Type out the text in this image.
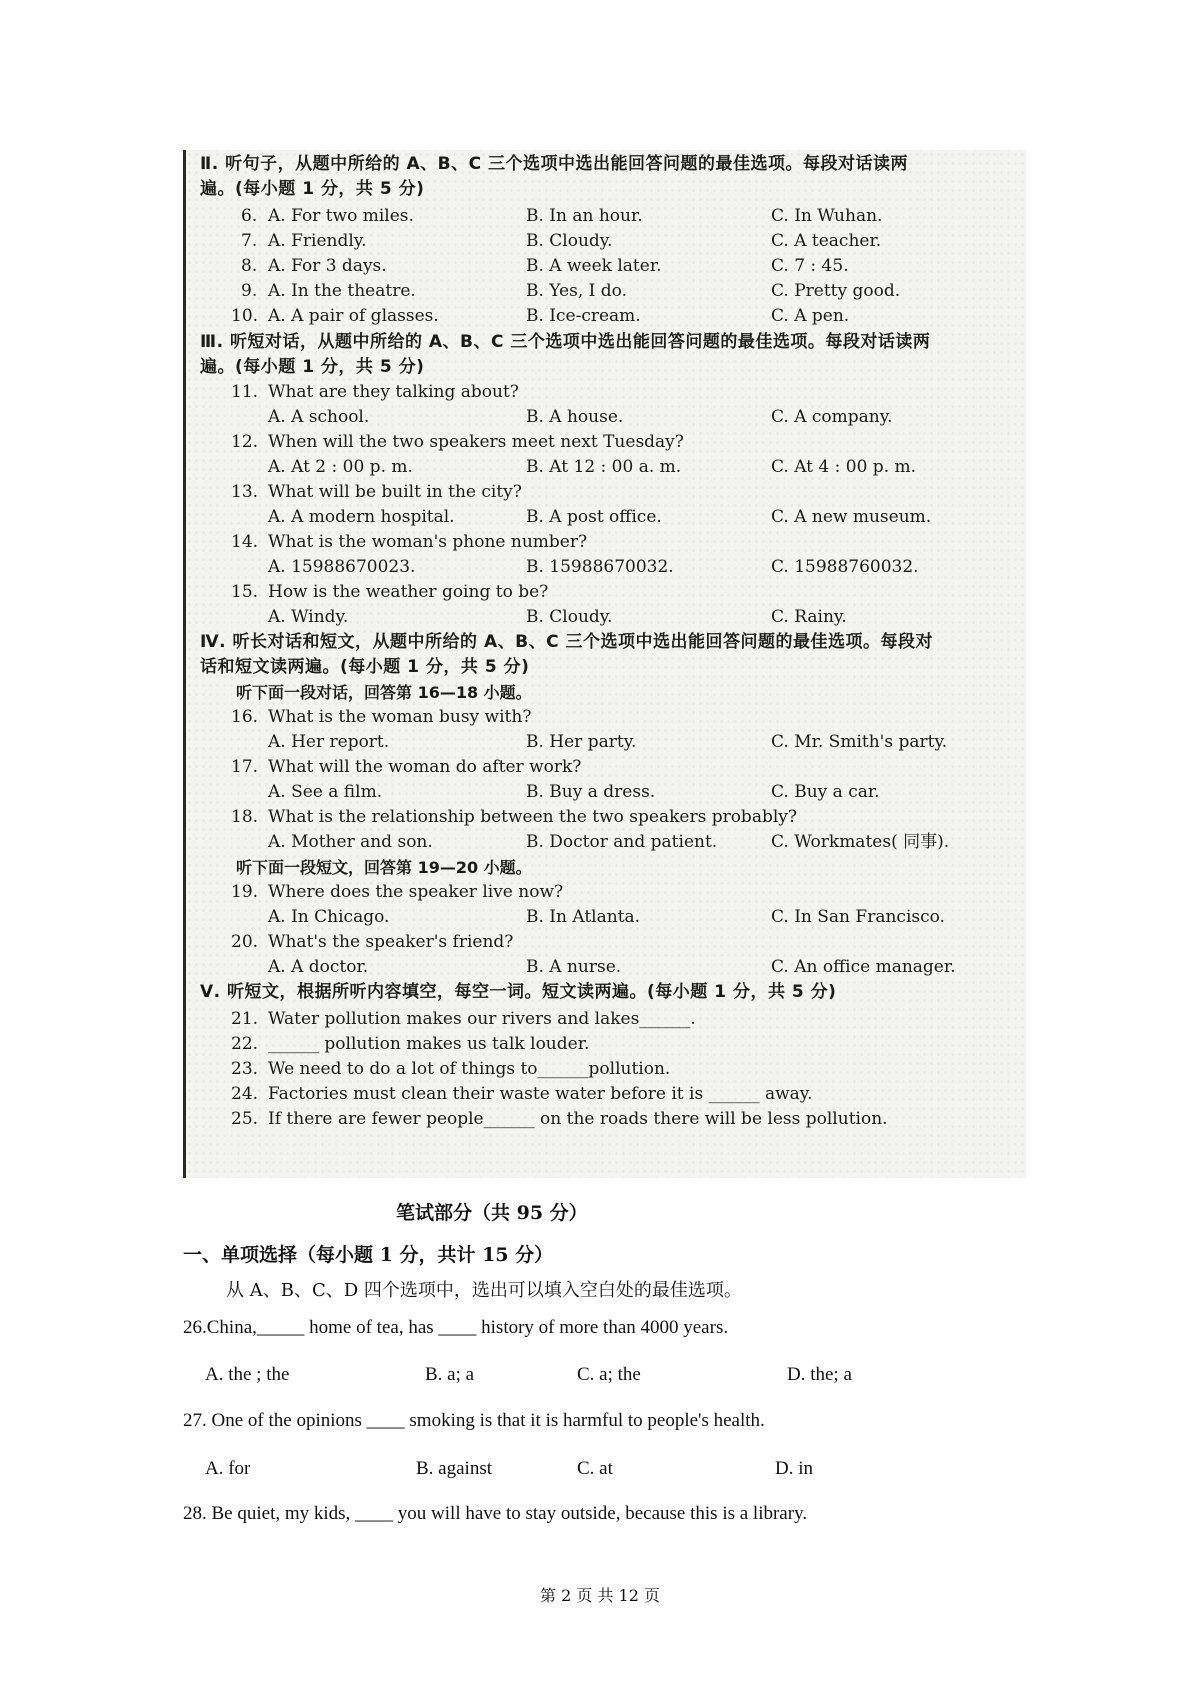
Ⅱ. 听句子，从题中所给的 A、B、C 三个选项中选出能回答问题的最佳选项。每段对话读两
遍。(每小题 1 分，共 5 分)
6. A. For two miles.	B. In an hour.	C. In Wuhan.
7. A. Friendly.	B. Cloudy.	C. A teacher.
8. A. For 3 days.	B. A week later.	C. 7 : 45.
9. A. In the theatre.	B. Yes, I do.	C. Pretty good.
10. A. A pair of glasses.	B. Ice-cream.	C. A pen.
Ⅲ. 听短对话，从题中所给的 A、B、C 三个选项中选出能回答问题的最佳选项。每段对话读两
遍。(每小题 1 分，共 5 分)
11. What are they talking about?
A. A school.	B. A house.	C. A company.
12. When will the two speakers meet next Tuesday?
A. At 2 : 00 p. m.	B. At 12 : 00 a. m.	C. At 4 : 00 p. m.
13. What will be built in the city?
A. A modern hospital.	B. A post office.	C. A new museum.
14. What is the woman's phone number?
A. 15988670023.	B. 15988670032.	C. 15988760032.
15. How is the weather going to be?
A. Windy.	B. Cloudy.	C. Rainy.
Ⅳ. 听长对话和短文，从题中所给的 A、B、C 三个选项中选出能回答问题的最佳选项。每段对
话和短文读两遍。(每小题 1 分，共 5 分)
听下面一段对话，回答第 16—18 小题。
16. What is the woman busy with?
A. Her report.	B. Her party.	C. Mr. Smith's party.
17. What will the woman do after work?
A. See a film.	B. Buy a dress.	C. Buy a car.
18. What is the relationship between the two speakers probably?
A. Mother and son.	B. Doctor and patient.	C. Workmates( 同事).
听下面一段短文，回答第 19—20 小题。
19. Where does the speaker live now?
A. In Chicago.	B. In Atlanta.	C. In San Francisco.
20. What's the speaker's friend?
A. A doctor.	B. A nurse.	C. An office manager.
Ⅴ. 听短文，根据所听内容填空，每空一词。短文读两遍。(每小题 1 分，共 5 分)
21. Water pollution makes our rivers and lakes______.
22. ______ pollution makes us talk louder.
23. We need to do a lot of things to______pollution.
24. Factories must clean their waste water before it is ______ away.
25. If there are fewer people______ on the roads there will be less pollution.
笔试部分（共 95 分）
一、单项选择（每小题 1 分，共计 15 分）
从 A、B、C、D 四个选项中，选出可以填入空白处的最佳选项。
26.China,_____ home of tea, has ____ history of more than 4000 years.
A. the ; the	B. a; a	C. a; the	D. the; a
27. One of the opinions ____ smoking is that it is harmful to people's health.
A. for	B. against	C. at	D. in
28. Be quiet, my kids, ____ you will have to stay outside, because this is a library.
第 2 页 共 12 页
